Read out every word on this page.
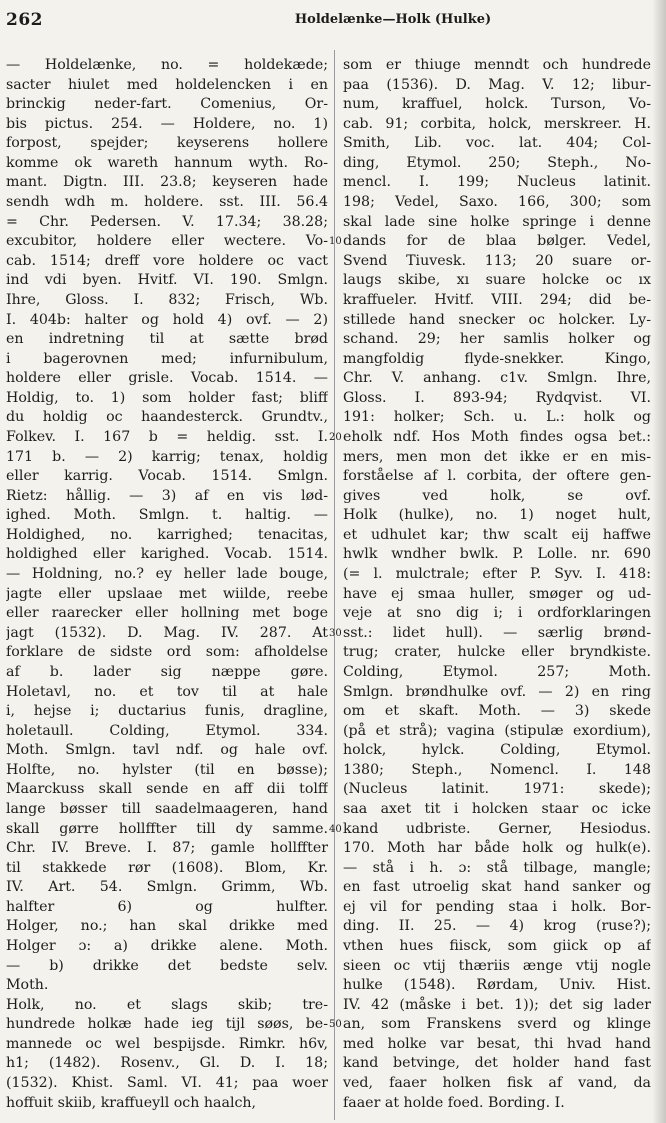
262	Holdelænke—Holk (Hulke)
— Holdelænke, no. = holdekæde;
sacter hiulet med holdelencken i en
brinckig neder-fart. Comenius, Or-
bis pictus. 254. — Holdere, no. 1)
forpost, spejder; keyserens hollere
komme ok wareth hannum wyth. Ro-
mant. Digtn. III. 23.8; keyseren hade
sendh wdh m. holdere. sst. III. 56.4
= Chr. Pedersen. V. 17.34; 38.28;
excubitor, holdere eller wectere. Vo-
cab. 1514; dreff vore holdere oc vact
ind vdi byen. Hvitf. VI. 190. Smlgn.
Ihre, Gloss. I. 832; Frisch, Wb.
I. 404b: halter og hold 4) ovf. — 2)
en indretning til at sætte brød
i bagerovnen med; infurnibulum,
holdere eller grisle. Vocab. 1514. —
Holdig, to. 1) som holder fast; bliff
du holdig oc haandesterck. Grundtv.,
Folkev. I. 167 b = heldig. sst. I.
171 b. — 2) karrig; tenax, holdig
eller karrig. Vocab. 1514. Smlgn.
Rietz: hållig. — 3) af en vis lød-
ighed. Moth. Smlgn. t. haltig. —
Holdighed, no. karrighed; tenacitas,
holdighed eller karighed. Vocab. 1514.
— Holdning, no.? ey heller lade bouge,
jagte eller upslaae met wiilde, reebe
eller raarecker eller hollning met boge
jagt (1532). D. Mag. IV. 287. At
forklare de sidste ord som: afholdelse
af b. lader sig næppe gøre.
Holetavl, no. et tov til at hale
i, hejse i; ductarius funis, dragline,
holetaull. Colding, Etymol. 334.
Moth. Smlgn. tavl ndf. og hale ovf.
Holfte, no. hylster (til en bøsse);
Maarckuss skall sende en aff dii tolff
lange bøsser till saadelmaageren, hand
skall gørre hollffter till dy samme.
Chr. IV. Breve. I. 87; gamle hollffter
til stakkede rør (1608). Blom, Kr.
IV. Art. 54. Smlgn. Grimm, Wb.
halfter 6) og hulfter.
Holger, no.; han skal drikke med
Holger ɔ: a) drikke alene. Moth.
— b) drikke det bedste selv.
Moth.
Holk, no. et slags skib; tre-
hundrede holkæ hade ieg tijl søøs, be-
mannede oc wel bespijsde. Rimkr. h6v,
h1; (1482). Rosenv., Gl. D. I. 18;
(1532). Khist. Saml. VI. 41; paa woer
hoffuit skiib, kraffueyll och haalch,
10
20
30
40
50
som er thiuge menndt och hundrede
paa (1536). D. Mag. V. 12; libur-
num, kraffuel, holck. Turson, Vo-
cab. 91; corbita, holck, merskreer. H.
Smith, Lib. voc. lat. 404; Col-
ding, Etymol. 250; Steph., No-
mencl. I. 199; Nucleus latinit.
198; Vedel, Saxo. 166, 300; som
skal lade sine holke springe i denne
dands for de blaa bølger. Vedel,
Svend Tiuvesk. 113; 20 suare or-
laugs skibe, xı suare holcke oc ıx
kraffueler. Hvitf. VIII. 294; did be-
stillede hand snecker oc holcker. Ly-
schand. 29; her samlis holker og
mangfoldig flyde-snekker. Kingo,
Chr. V. anhang. c1v. Smlgn. Ihre,
Gloss. I. 893-94; Rydqvist. VI.
191: holker; Sch. u. L.: holk og
eholk ndf. Hos Moth findes ogsa bet.:
mers, men mon det ikke er en mis-
forståelse af l. corbita, der oftere gen-
gives ved holk, se ovf.
Holk (hulke), no. 1) noget hult,
et udhulet kar; thw scalt eij haffwe
hwlk wndher bwlk. P. Lolle. nr. 690
(= l. mulctrale; efter P. Syv. I. 418:
have ej smaa huller, smøger og ud-
veje at sno dig i; i ordforklaringen
sst.: lidet hull). — særlig brønd-
trug; crater, hulcke eller bryndkiste.
Colding, Etymol. 257; Moth.
Smlgn. brøndhulke ovf. — 2) en ring
om et skaft. Moth. — 3) skede
(på et strå); vagina (stipulæ exordium),
holck, hylck. Colding, Etymol.
1380; Steph., Nomencl. I. 148
(Nucleus latinit. 1971: skede);
saa axet tit i holcken staar oc icke
kand udbriste. Gerner, Hesiodus.
170. Moth har både holk og hulk(e).
— stå i h. ɔ: stå tilbage, mangle;
en fast utroelig skat hand sanker og
ej vil for pending staa i holk. Bor-
ding. II. 25. — 4) krog (ruse?);
vthen hues fiisck, som giick op af
sieen oc vtij thæriis ænge vtij nogle
hulke (1548). Rørdam, Univ. Hist.
IV. 42 (måske i bet. 1)); det sig lader
an, som Franskens sverd og klinge
med holke var besat, thi hvad hand
kand betvinge, det holder hand fast
ved, faaer holken fisk af vand, da
faaer at holde foed. Bording. I.
